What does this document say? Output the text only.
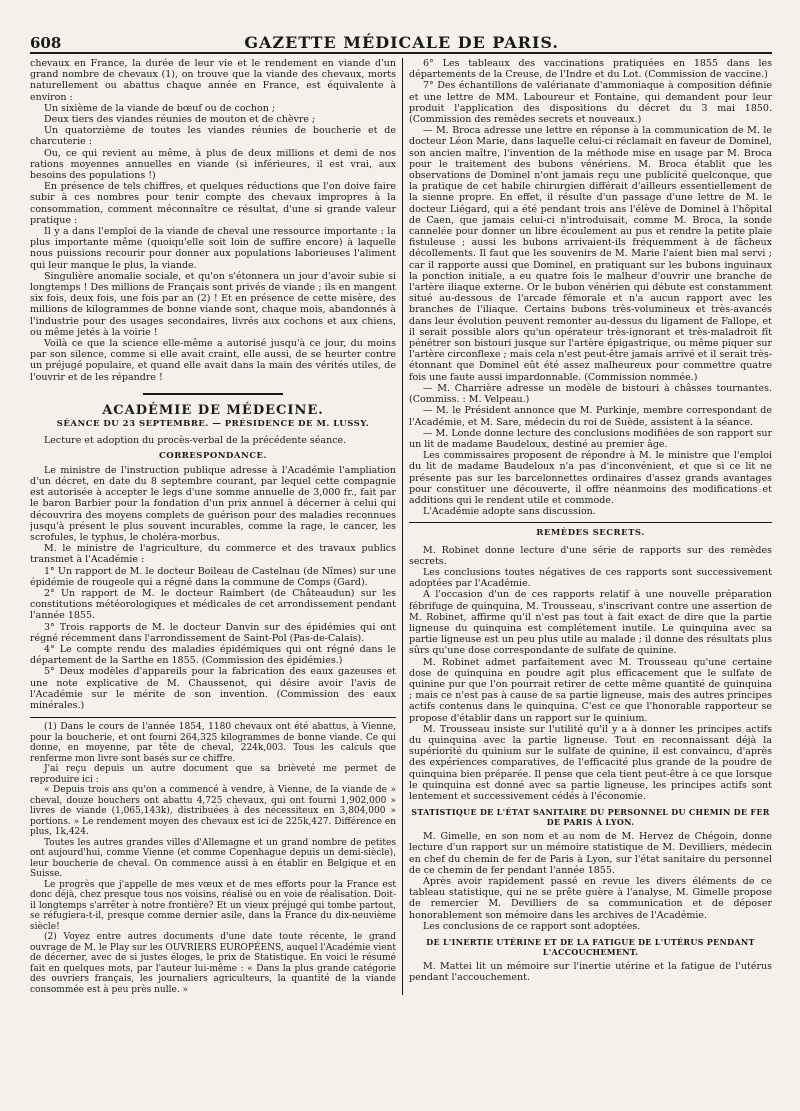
608	GAZETTE MÉDICALE DE PARIS.

chevaux en France, la durée de leur vie et le rendement en viande d'un grand nombre de chevaux (1), on trouve que la viande des chevaux, morts naturellement ou abattus chaque année en France, est équivalente à environ :

Un sixième de la viande de bœuf ou de cochon ;

Deux tiers des viandes réunies de mouton et de chèvre ;

Un quatorzième de toutes les viandes réunies de boucherie et de charcuterie :

Ou, ce qui revient au même, à plus de deux millions et demi de nos rations moyennes annuelles en viande (si inférieures, il est vrai, aux besoins des populations !)

En présence de tels chiffres, et quelques réductions que l'on doive faire subir à ces nombres pour tenir compte des chevaux impropres à la consommation, comment méconnaître ce résultat, d'une si grande valeur pratique :

Il y a dans l'emploi de la viande de cheval une ressource importante : la plus importante même (quoiqu'elle soit loin de suffire encore) à laquelle nous puissions recourir pour donner aux populations laborieuses l'aliment qui leur manque le plus, la viande.

Singulière anomalie sociale, et qu'on s'étonnera un jour d'avoir subie si longtemps ! Des millions de Français sont privés de viande ; ils en mangent six fois, deux fois, une fois par an (2) ! Et en présence de cette misère, des millions de kilogrammes de bonne viande sont, chaque mois, abandonnés à l'industrie pour des usages secondaires, livrés aux cochons et aux chiens, ou même jetés à la voirie !

Voilà ce que la science elle-même a autorisé jusqu'à ce jour, du moins par son silence, comme si elle avait craint, elle aussi, de se heurter contre un préjugé populaire, et quand elle avait dans la main des vérités utiles, de l'ouvrir et de les répandre !

ACADÉMIE DE MÉDECINE.
SÉANCE DU 23 SEPTEMBRE. — PRÉSIDENCE DE M. LUSSY.

Lecture et adoption du procès-verbal de la précédente séance.

CORRESPONDANCE.

Le ministre de l'instruction publique adresse à l'Académie l'ampliation d'un décret, en date du 8 septembre courant, par lequel cette compagnie est autorisée à accepter le legs d'une somme annuelle de 3,000 fr., fait par le baron Barbier pour la fondation d'un prix annuel à décerner à celui qui découvrira des moyens complets de guérison pour des maladies reconnues jusqu'à présent le plus souvent incurables, comme la rage, le cancer, les scrofules, le typhus, le choléra-morbus.

M. le ministre de l'agriculture, du commerce et des travaux publics transmet à l'Académie :

1° Un rapport de M. le docteur Boileau de Castelnau (de Nîmes) sur une épidémie de rougeole qui a régné dans la commune de Comps (Gard).

2° Un rapport de M. le docteur Raimbert (de Châteaudun) sur les constitutions météorologiques et médicales de cet arrondissement pendant l'année 1855.

3° Trois rapports de M. le docteur Danvin sur des épidémies qui ont régné récemment dans l'arrondissement de Saint-Pol (Pas-de-Calais).

4° Le compte rendu des maladies épidémiques qui ont régné dans le département de la Sarthe en 1855. (Commission des épidémies.)

5° Deux modèles d'appareils pour la fabrication des eaux gazeuses et une note explicative de M. Chaussenot, qui désire avoir l'avis de l'Académie sur le mérite de son invention. (Commission des eaux minérales.)

(1) Dans le cours de l'année 1854, 1180 chevaux ont été abattus, à Vienne, pour la boucherie, et ont fourni 264,325 kilogrammes de bonne viande. Ce qui donne, en moyenne, par tête de cheval, 224k,003. Tous les calculs que renferme mon livre sont basés sur ce chiffre.

J'ai reçu depuis un autre document que sa brièveté me permet de reproduire ici :

« Depuis trois ans qu'on a commencé à vendre, à Vienne, de la viande de » cheval, douze bouchers ont abattu 4,725 chevaux, qui ont fourni 1,902,000 » livres de viande (1,065,143k), distribuées à des nécessiteux en 3,804,000 » portions. » Le rendement moyen des chevaux est ici de 225k,427. Différence en plus, 1k,424.

Toutes les autres grandes villes d'Allemagne et un grand nombre de petites ont aujourd'hui, comme Vienne (et comme Copenhague depuis un demi-siècle), leur boucherie de cheval. On commence aussi à en établir en Belgique et en Suisse.

Le progrès que j'appelle de mes vœux et de mes efforts pour la France est donc déjà, chez presque tous nos voisins, réalisé ou en voie de réalisation. Doit-il longtemps s'arrêter à notre frontière? Et un vieux préjugé qui tombe partout, se réfugiera-t-il, presque comme dernier asile, dans la France du dix-neuvième siècle!

(2) Voyez entre autres documents d'une date toute récente, le grand ouvrage de M. le Play sur les OUVRIERS EUROPÉENS, auquel l'Académie vient de décerner, avec de si justes éloges, le prix de Statistique. En voici le résumé fait en quelques mots, par l'auteur lui-même : « Dans la plus grande catégorie des ouvriers français, les journaliers agriculteurs, la quantité de la viande consommée est à peu près nulle. »

6° Les tableaux des vaccinations pratiquées en 1855 dans les départements de la Creuse, de l'Indre et du Lot. (Commission de vaccine.)

7° Des échantillons de valérianate d'ammoniaque à composition définie et une lettre de MM. Laboureur et Fontaine, qui demandent pour leur produit l'application des dispositions du décret du 3 mai 1850. (Commission des remèdes secrets et nouveaux.)

— M. Broca adresse une lettre en réponse à la communication de M. le docteur Léon Marie, dans laquelle celui-ci réclamait en faveur de Dominel, son ancien maître, l'invention de la méthode mise en usage par M. Broca pour le traitement des bubons vénériens. M. Broca établit que les observations de Dominel n'ont jamais reçu une publicité quelconque, que la pratique de cet habile chirurgien différait d'ailleurs essentiellement de la sienne propre. En effet, il résulte d'un passage d'une lettre de M. le docteur Liégard, qui a été pendant trois ans l'élève de Dominel à l'hôpital de Caen, que jamais celui-ci n'introduisait, comme M. Broca, la sonde cannelée pour donner un libre écoulement au pus et rendre la petite plaie fistuleuse ; aussi les bubons arrivaient-ils fréquemment à de fâcheux décollements. Il faut que les souvenirs de M. Marie l'aient bien mal servi ; car il rapporte aussi que Dominel, en pratiquant sur les bubons inguinaux la ponction initiale, a eu quatre fois le malheur d'ouvrir une branche de l'artère iliaque externe. Or le bubon vénérien qui débute est constamment situé au-dessous de l'arcade fémorale et n'a aucun rapport avec les branches de l'iliaque. Certains bubons très-volumineux et très-avancés dans leur évolution peuvent remonter au-dessus du ligament de Fallope, et il serait possible alors qu'un opérateur très-ignorant et très-maladroit fît pénétrer son bistouri jusque sur l'artère épigastrique, ou même piquer sur l'artère circonflexe ; mais cela n'est peut-être jamais arrivé et il serait très-étonnant que Dominel eût été assez malheureux pour commettre quatre fois une faute aussi impardonnable. (Commission nommée.)

— M. Charrière adresse un modèle de bistouri à châsses tournantes. (Commiss. : M. Velpeau.)

— M. le Président annonce que M. Purkinje, membre correspondant de l'Académie, et M. Sare, médecin du roi de Suède, assistent à la séance.

— M. Londe donne lecture des conclusions modifiées de son rapport sur un lit de madame Baudeloux, destiné au premier âge.

Les commissaires proposent de répondre à M. le ministre que l'emploi du lit de madame Baudeloux n'a pas d'inconvénient, et que si ce lit ne présente pas sur les barcelonnettes ordinaires d'assez grands avantages pour constituer une découverte, il offre néanmoins des modifications et additions qui le rendent utile et commode.

L'Académie adopte sans discussion.

REMÈDES SECRETS.

M. Robinet donne lecture d'une série de rapports sur des remèdes secrets.

Les conclusions toutes négatives de ces rapports sont successivement adoptées par l'Académie.

A l'occasion d'un de ces rapports relatif à une nouvelle préparation fébrifuge de quinquina, M. Trousseau, s'inscrivant contre une assertion de M. Robinet, affirme qu'il n'est pas tout à fait exact de dire que la partie ligneuse du quinquina est complétement inutile. Le quinquina avec sa partie ligneuse est un peu plus utile au malade ; il donne des résultats plus sûrs qu'une dose correspondante de sulfate de quinine.

M. Robinet admet parfaitement avec M. Trousseau qu'une certaine dose de quinquina en poudre agit plus efficacement que le sulfate de quinine pur que l'on pourrait retirer de cette même quantité de quinquina ; mais ce n'est pas à cause de sa partie ligneuse, mais des autres principes actifs contenus dans le quinquina. C'est ce que l'honorable rapporteur se propose d'établir dans un rapport sur le quinium.

M. Trousseau insiste sur l'utilité qu'il y a à donner les principes actifs du quinquina avec la partie ligneuse. Tout en reconnaissant déjà la supériorité du quinium sur le sulfate de quinine, il est convaincu, d'après des expériences comparatives, de l'efficacité plus grande de la poudre de quinquina bien préparée. Il pense que cela tient peut-être à ce que lorsque le quinquina est donné avec sa partie ligneuse, les principes actifs sont lentement et successivement cédés à l'économie.

STATISTIQUE DE L'ÉTAT SANITAIRE DU PERSONNEL DU CHEMIN DE FER DE PARIS À LYON.

M. Gimelle, en son nom et au nom de M. Hervez de Chégoin, donne lecture d'un rapport sur un mémoire statistique de M. Devilliers, médecin en chef du chemin de fer de Paris à Lyon, sur l'état sanitaire du personnel de ce chemin de fer pendant l'année 1855.

Après avoir rapidement passé en revue les divers éléments de ce tableau statistique, qui ne se prête guère à l'analyse, M. Gimelle propose de remercier M. Devilliers de sa communication et de déposer honorablement son mémoire dans les archives de l'Académie.

Les conclusions de ce rapport sont adoptées.

DE L'INERTIE UTÉRINE ET DE LA FATIGUE DE L'UTÉRUS PENDANT L'ACCOUCHEMENT.

M. Mattei lit un mémoire sur l'inertie utérine et la fatigue de l'utérus pendant l'accouchement.
